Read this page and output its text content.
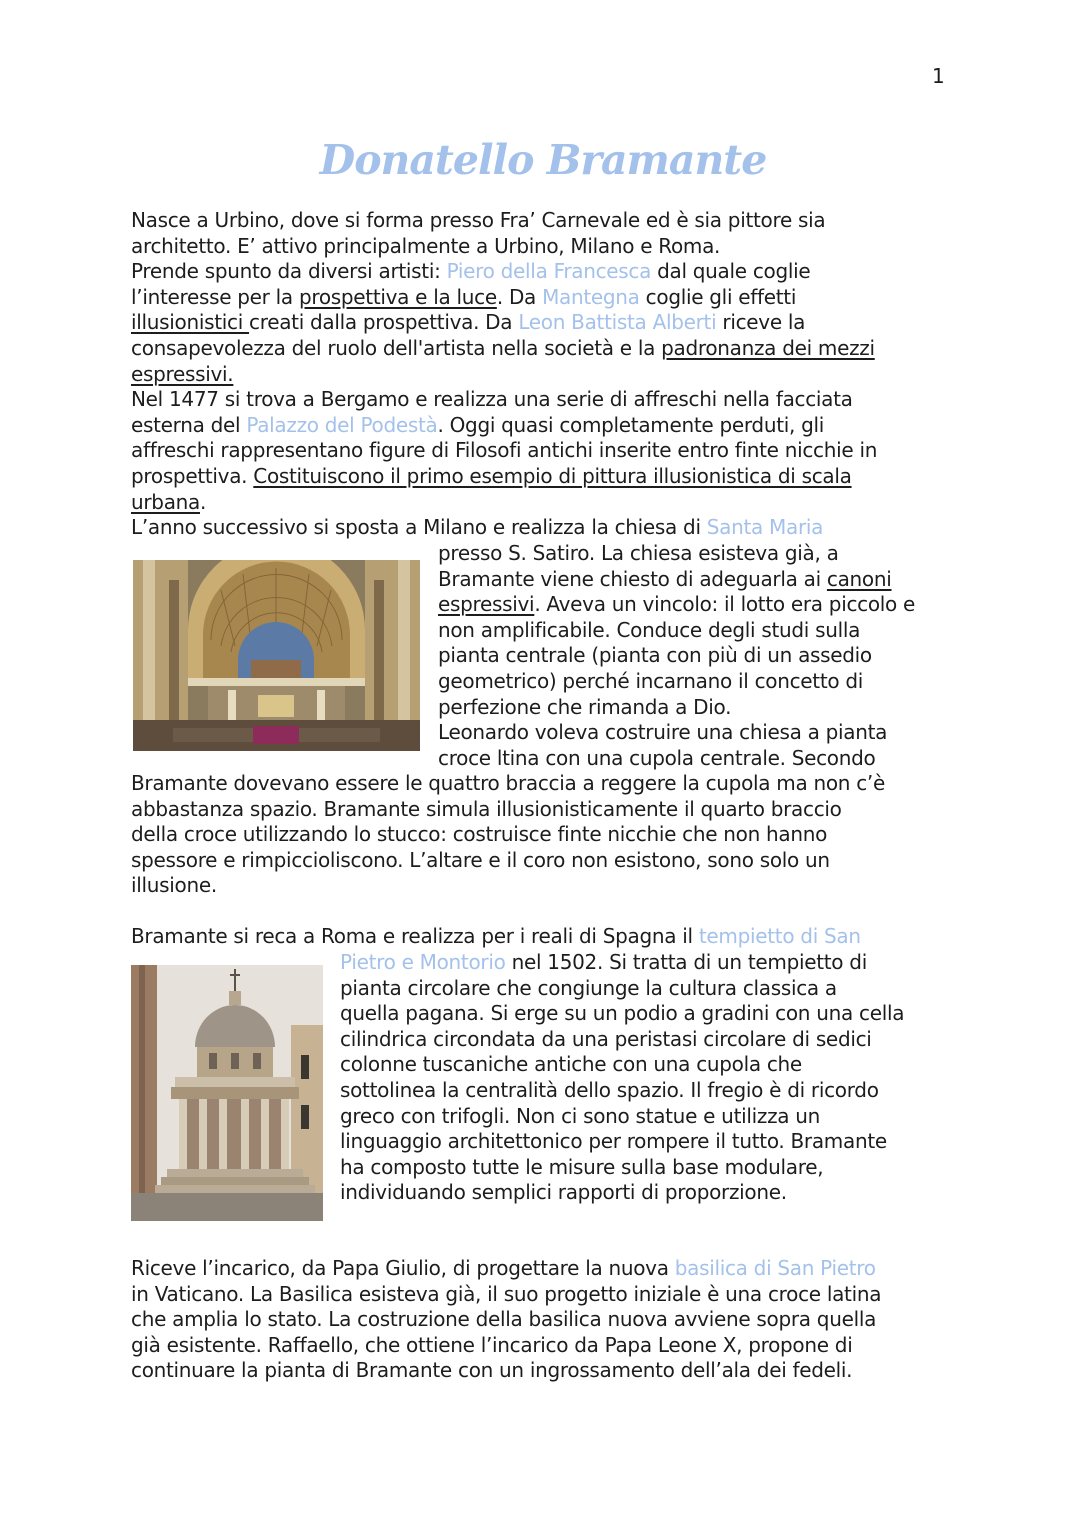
1
Donatello Bramante
Nasce a Urbino, dove si forma presso Fra’ Carnevale ed è sia pittore sia
architetto. E’ attivo principalmente a Urbino, Milano e Roma.
Prende spunto da diversi artisti: Piero della Francesca dal quale coglie
l’interesse per la prospettiva e la luce. Da Mantegna coglie gli effetti
illusionistici creati dalla prospettiva. Da Leon Battista Alberti riceve la
consapevolezza del ruolo dell'artista nella società e la padronanza dei mezzi
espressivi.
Nel 1477 si trova a Bergamo e realizza una serie di affreschi nella facciata
esterna del Palazzo del Podestà. Oggi quasi completamente perduti, gli
affreschi rappresentano figure di Filosofi antichi inserite entro finte nicchie in
prospettiva. Costituiscono il primo esempio di pittura illusionistica di scala
urbana.
L’anno successivo si sposta a Milano e realizza la chiesa di Santa Maria
presso S. Satiro. La chiesa esisteva già, a
Bramante viene chiesto di adeguarla ai canoni
espressivi. Aveva un vincolo: il lotto era piccolo e
non amplificabile. Conduce degli studi sulla
pianta centrale (pianta con più di un assedio
geometrico) perché incarnano il concetto di
perfezione che rimanda a Dio.
Leonardo voleva costruire una chiesa a pianta
croce ltina con una cupola centrale. Secondo
Bramante dovevano essere le quattro braccia a reggere la cupola ma non c’è
abbastanza spazio. Bramante simula illusionisticamente il quarto braccio
della croce utilizzando lo stucco: costruisce finte nicchie che non hanno
spessore e rimpiccioliscono. L’altare e il coro non esistono, sono solo un
illusione.
Bramante si reca a Roma e realizza per i reali di Spagna il tempietto di San
Pietro e Montorio nel 1502. Si tratta di un tempietto di
pianta circolare che congiunge la cultura classica a
quella pagana. Si erge su un podio a gradini con una cella
cilindrica circondata da una peristasi circolare di sedici
colonne tuscaniche antiche con una cupola che
sottolinea la centralità dello spazio. Il fregio è di ricordo
greco con trifogli. Non ci sono statue e utilizza un
linguaggio architettonico per rompere il tutto. Bramante
ha composto tutte le misure sulla base modulare,
individuando semplici rapporti di proporzione.
Riceve l’incarico, da Papa Giulio, di progettare la nuova basilica di San Pietro
in Vaticano. La Basilica esisteva già, il suo progetto iniziale è una croce latina
che amplia lo stato. La costruzione della basilica nuova avviene sopra quella
già esistente. Raffaello, che ottiene l’incarico da Papa Leone X, propone di
continuare la pianta di Bramante con un ingrossamento dell’ala dei fedeli.
